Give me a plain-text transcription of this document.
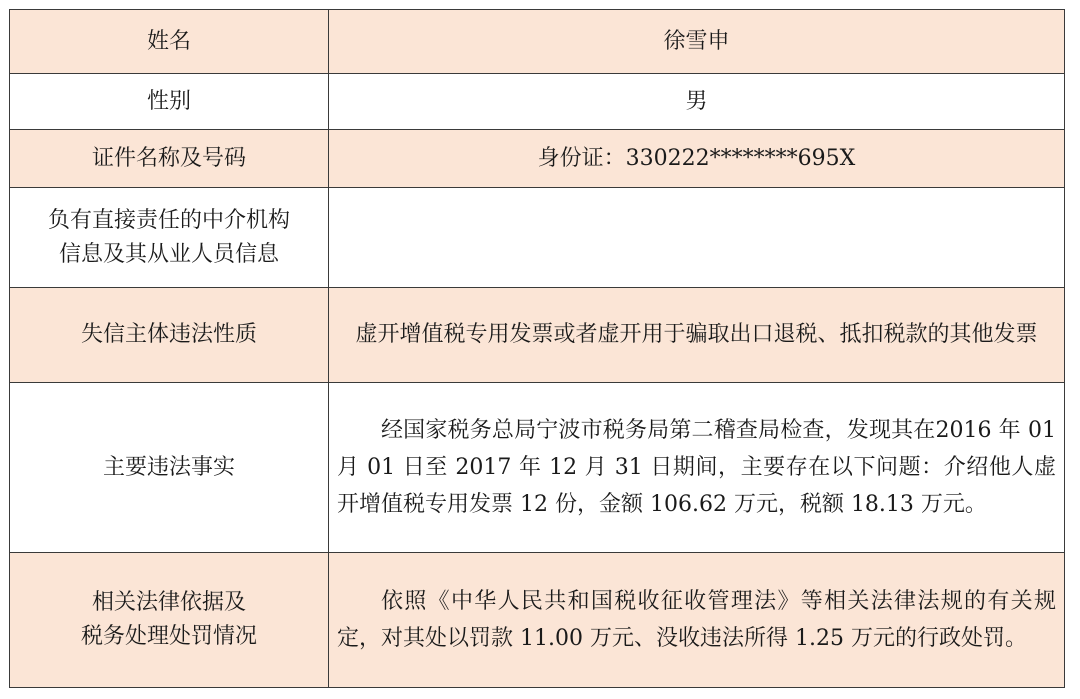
姓名	徐雪申
性别	男
证件名称及号码	身份证：330222********695X

负有直接责任的中介机构
信息及其从业人员信息	

失信主体违法性质	虚开增值税专用发票或者虚开用于骗取出口退税、抵扣税款的其他发票
主要违法事实	经国家税务总局宁波市税务局第二稽查局检查，发现其在2016 年 01 月 01 日至 2017 年 12 月 31 日期间，主要存在以下问题：介绍他人虚开增值税专用发票 12 份，金额 106.62 万元，税额 18.13 万元。

相关法律依据及
税务处理处罚情况	依照《中华人民共和国税收征收管理法》等相关法律法规的有关规定，对其处以罚款 11.00 万元、没收违法所得 1.25 万元的行政处罚。
